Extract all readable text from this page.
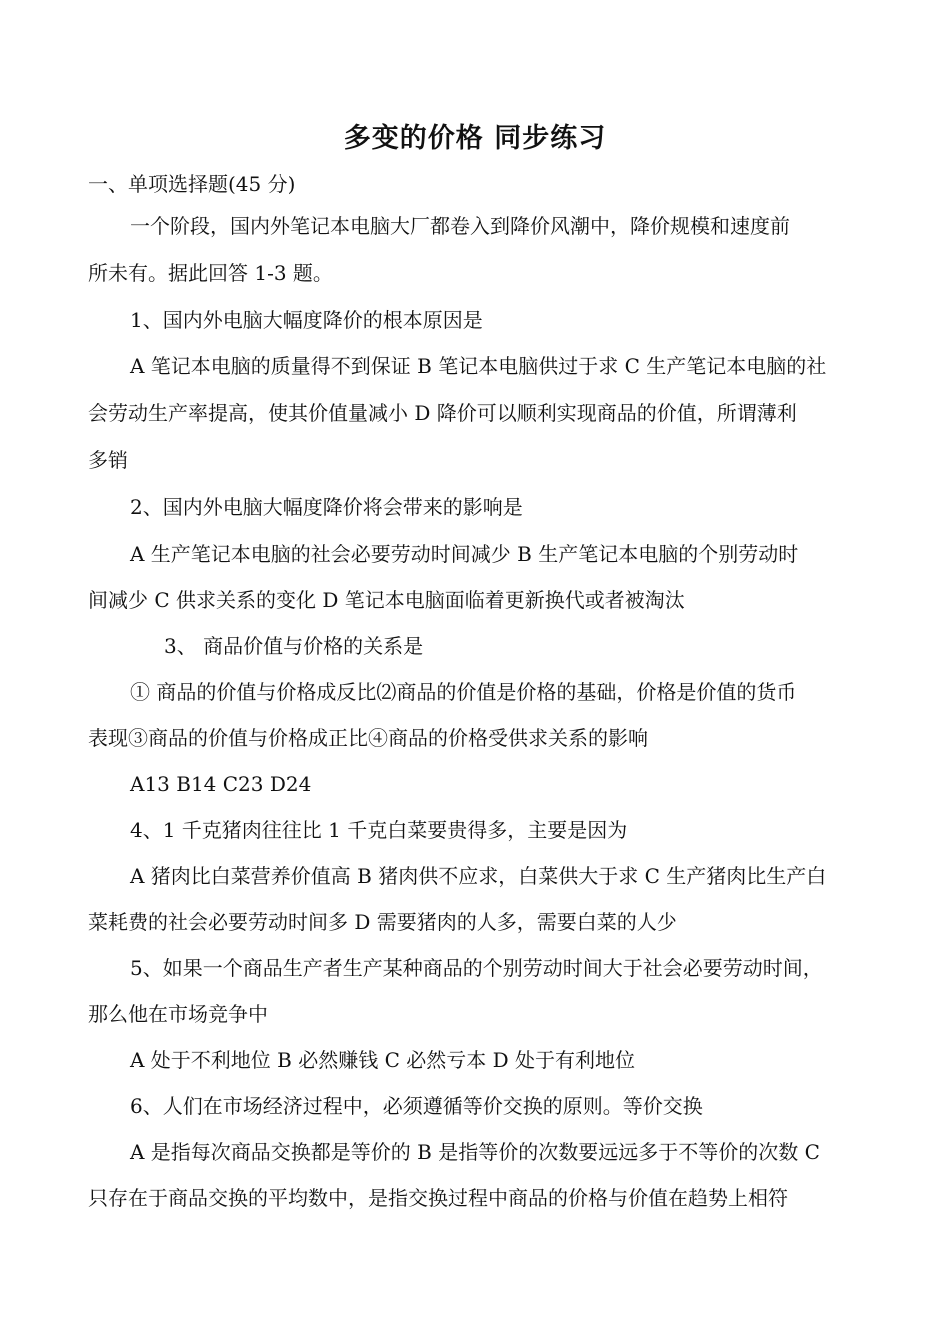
多变的价格 同步练习
一、单项选择题(45 分)
一个阶段，国内外笔记本电脑大厂都卷入到降价风潮中，降价规模和速度前
所未有。据此回答 1-3 题。
1、国内外电脑大幅度降价的根本原因是
A 笔记本电脑的质量得不到保证 B 笔记本电脑供过于求 C 生产笔记本电脑的社
会劳动生产率提高，使其价值量减小 D 降价可以顺利实现商品的价值，所谓薄利
多销
2、国内外电脑大幅度降价将会带来的影响是
A 生产笔记本电脑的社会必要劳动时间减少 B 生产笔记本电脑的个别劳动时
间减少 C 供求关系的变化 D 笔记本电脑面临着更新换代或者被淘汰
3、 商品价值与价格的关系是
① 商品的价值与价格成反比⑵商品的价值是价格的基础，价格是价值的货币
表现③商品的价值与价格成正比④商品的价格受供求关系的影响
A13 B14 C23 D24
4、1 千克猪肉往往比 1 千克白菜要贵得多，主要是因为
A 猪肉比白菜营养价值高 B 猪肉供不应求，白菜供大于求 C 生产猪肉比生产白
菜耗费的社会必要劳动时间多 D 需要猪肉的人多，需要白菜的人少
5、如果一个商品生产者生产某种商品的个别劳动时间大于社会必要劳动时间，
那么他在市场竞争中
A 处于不利地位 B 必然赚钱 C 必然亏本 D 处于有利地位
6、人们在市场经济过程中，必须遵循等价交换的原则。等价交换
A 是指每次商品交换都是等价的 B 是指等价的次数要远远多于不等价的次数 C
只存在于商品交换的平均数中，是指交换过程中商品的价格与价值在趋势上相符
